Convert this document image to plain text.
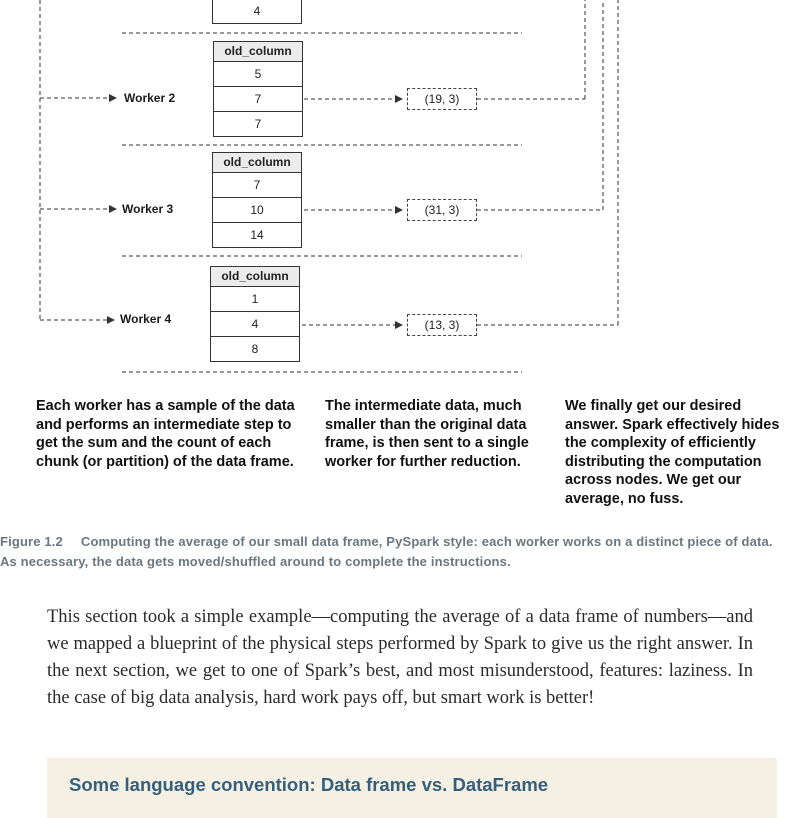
4
Worker 2
old_column
5
7
7
(19, 3)
Worker 3
old_column
7
10
14
(31, 3)
Worker 4
old_column
1
4
8
(13, 3)
Each worker has a sample of the data and performs an intermediate step to get the sum and the count of each chunk (or partition) of the data frame.
The intermediate data, much smaller than the original data frame, is then sent to a single worker for further reduction.
We finally get our desired answer. Spark effectively hides the complexity of efficiently distributing the computation across nodes. We get our average, no fuss.
Figure 1.2 Computing the average of our small data frame, PySpark style: each worker works on a distinct piece of data. As necessary, the data gets moved/shuffled around to complete the instructions.
This section took a simple example—computing the average of a data frame of numbers—and we mapped a blueprint of the physical steps performed by Spark to give us the right answer. In the next section, we get to one of Spark’s best, and most misunderstood, features: laziness. In the case of big data analysis, hard work pays off, but smart work is better!
Some language convention: Data frame vs. DataFrame
